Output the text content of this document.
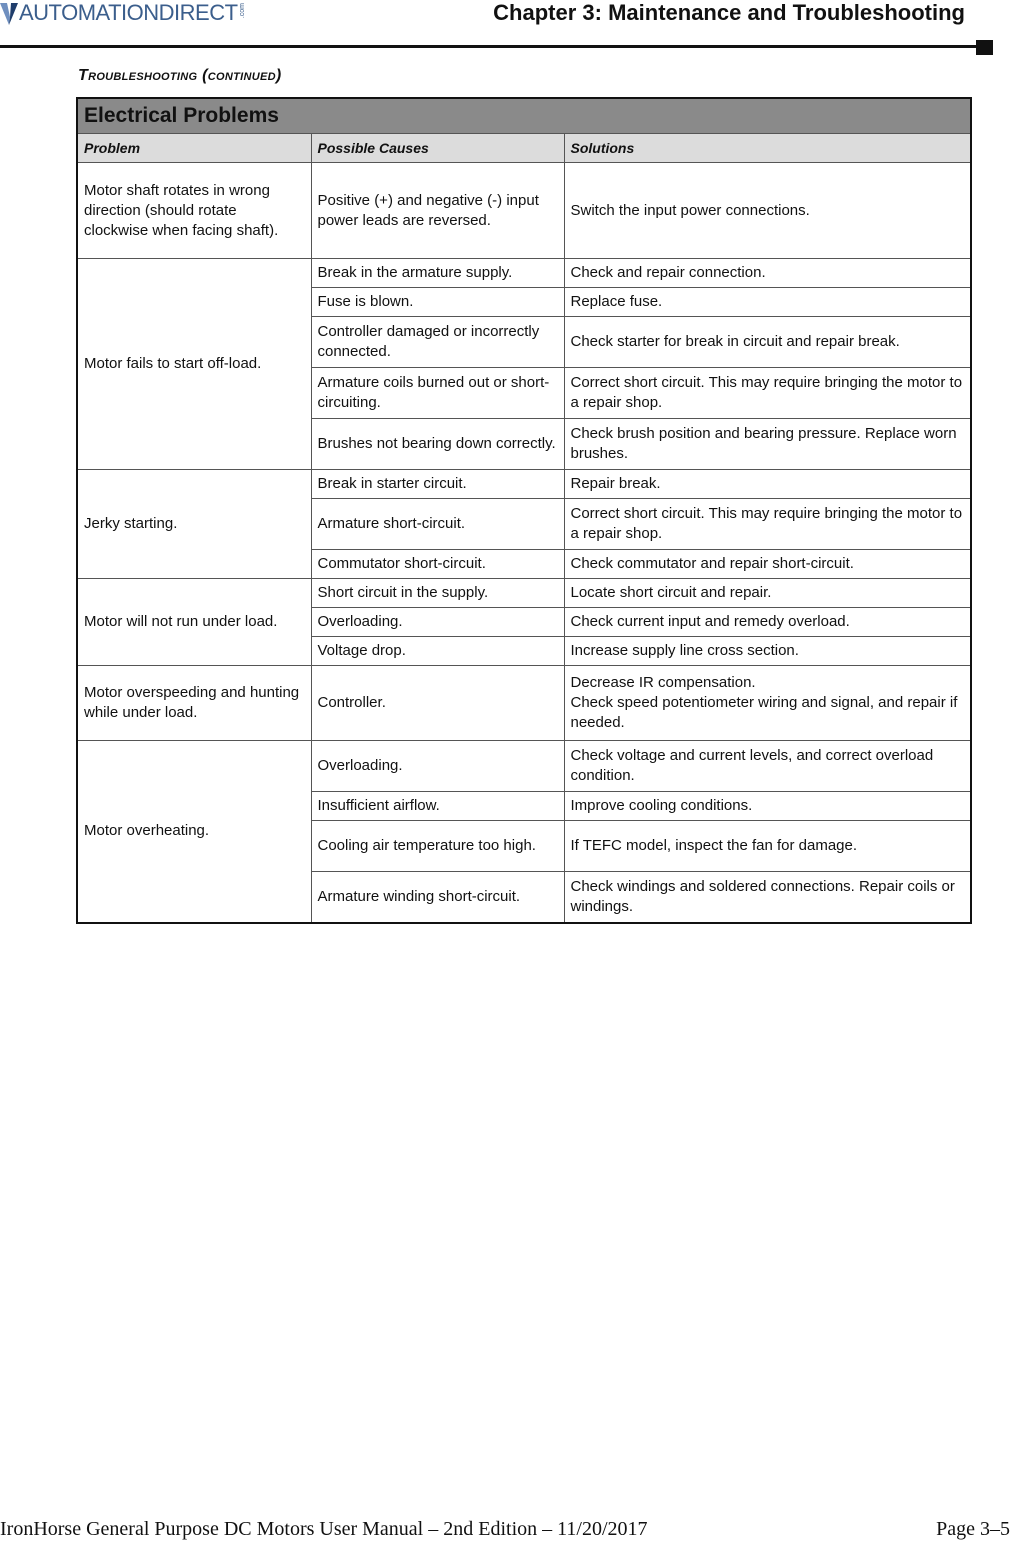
AUTOMATIONDIRECT .com	Chapter 3: Maintenance and Troubleshooting
Troubleshooting (continued)
Electrical Problems		
Problem	Possible Causes	Solutions
Motor shaft rotates in wrong direction (should rotate clockwise when facing shaft).	Positive (+) and negative (-) input power leads are reversed.	Switch the input power connections.
Motor fails to start off-load.	Break in the armature supply.	Check and repair connection.
	Fuse is blown.	Replace fuse.
	Controller damaged or incorrectly connected.	Check starter for break in circuit and repair break.
	Armature coils burned out or short-circuiting.	Correct short circuit. This may require bringing the motor to a repair shop.
	Brushes not bearing down correctly.	Check brush position and bearing pressure. Replace worn brushes.
Jerky starting.	Break in starter circuit.	Repair break.
	Armature short-circuit.	Correct short circuit. This may require bringing the motor to a repair shop.
	Commutator short-circuit.	Check commutator and repair short-circuit.
Motor will not run under load.	Short circuit in the supply.	Locate short circuit and repair.
	Overloading.	Check current input and remedy overload.
	Voltage drop.	Increase supply line cross section.
Motor overspeeding and hunting while under load.	Controller.	Decrease IR compensation.
Check speed potentiometer wiring and signal, and repair if needed.
Motor overheating.	Overloading.	Check voltage and current levels, and correct overload condition.
	Insufficient airflow.	Improve cooling conditions.
	Cooling air temperature too high.	If TEFC model, inspect the fan for damage.
	Armature winding short-circuit.	Check windings and soldered connections. Repair coils or windings.
IronHorse General Purpose DC Motors User Manual – 2nd Edition – 11/20/2017	Page 3–5
